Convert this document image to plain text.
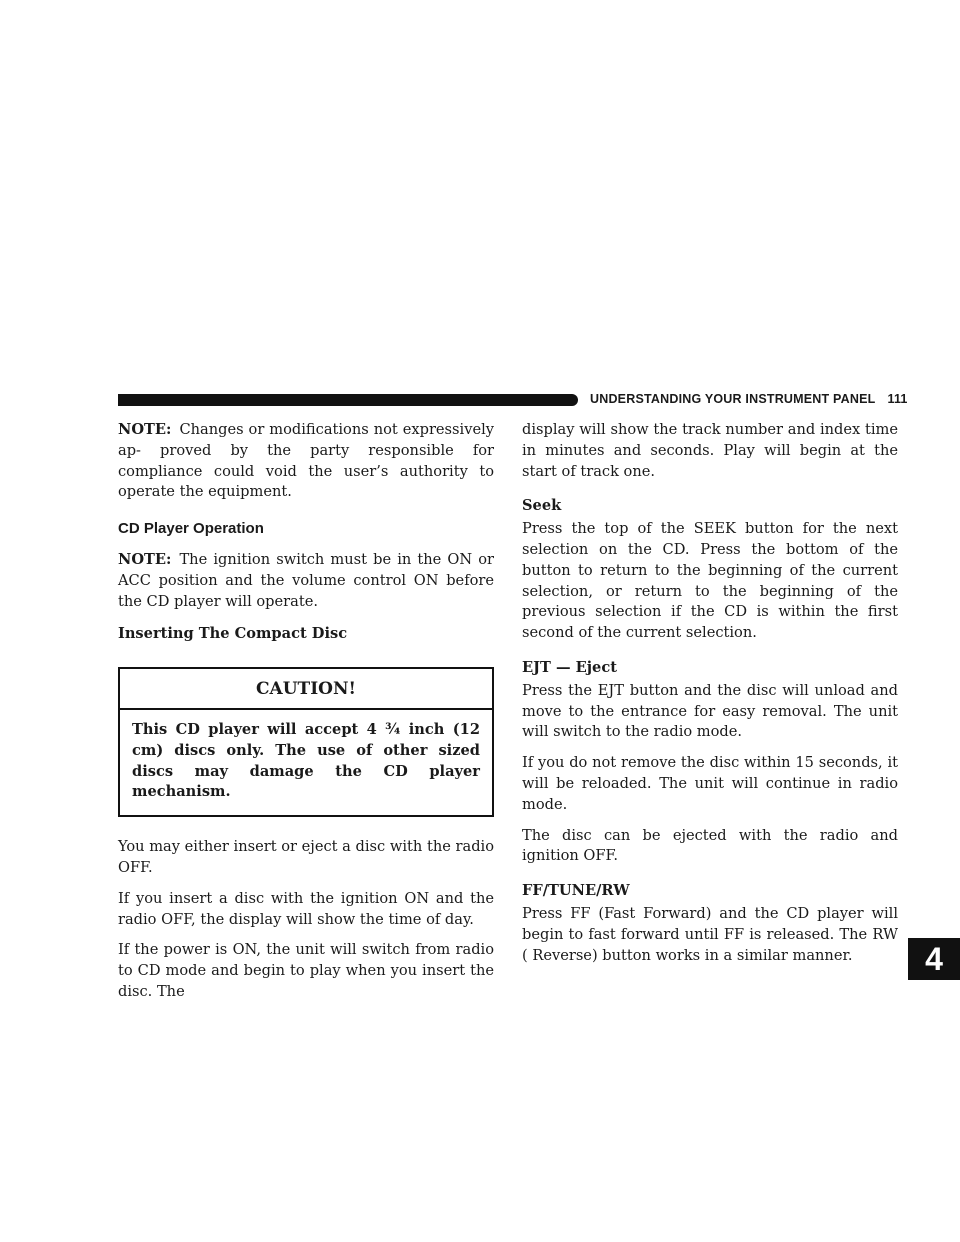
UNDERSTANDING YOUR INSTRUMENT PANEL 111
4

NOTE: Changes or modifications not expressively ap- proved by the party responsible for compliance could void the user’s authority to operate the equipment.

CD Player Operation

NOTE: The ignition switch must be in the ON or ACC position and the volume control ON before the CD player will operate.

Inserting The Compact Disc
CAUTION!

This CD player will accept 4 ¾ inch (12 cm) discs only. The use of other sized discs may damage the CD player mechanism.

You may either insert or eject a disc with the radio OFF.

If you insert a disc with the ignition ON and the radio OFF, the display will show the time of day.

If the power is ON, the unit will switch from radio to CD mode and begin to play when you insert the disc. The

display will show the track number and index time in minutes and seconds. Play will begin at the start of track one.

Seek

Press the top of the SEEK button for the next selection on the CD. Press the bottom of the button to return to the beginning of the current selection, or return to the beginning of the previous selection if the CD is within the first second of the current selection.

EJT — Eject

Press the EJT button and the disc will unload and move to the entrance for easy removal. The unit will switch to the radio mode.

If you do not remove the disc within 15 seconds, it will be reloaded. The unit will continue in radio mode.

The disc can be ejected with the radio and ignition OFF.

FF/TUNE/RW

Press FF (Fast Forward) and the CD player will begin to fast forward until FF is released. The RW ( Reverse) button works in a similar manner.
